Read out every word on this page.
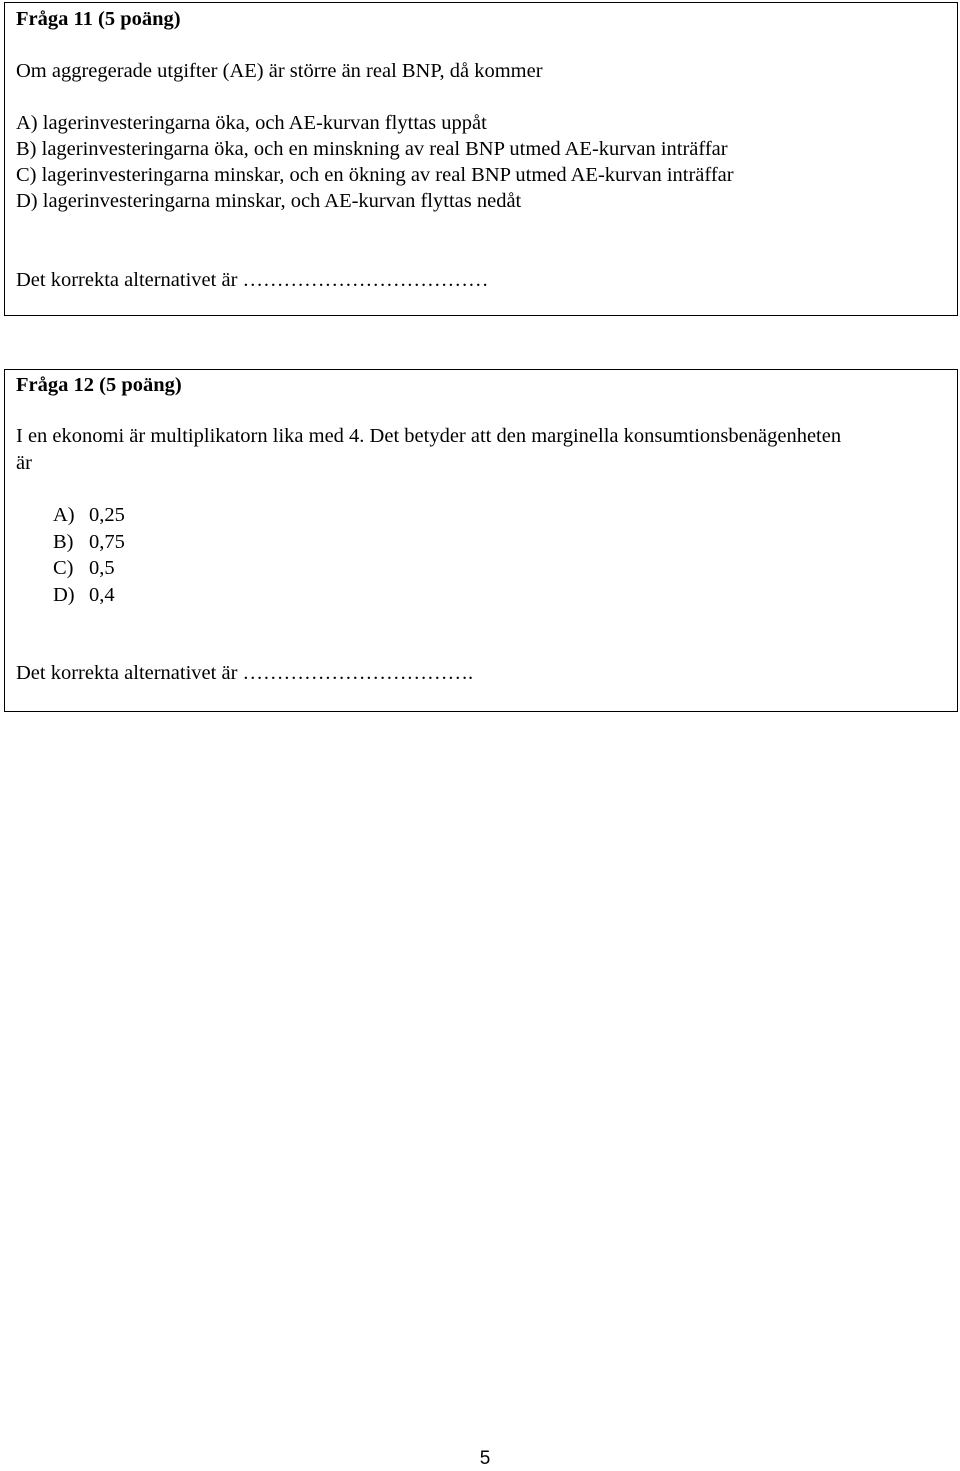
Fråga 11 (5 poäng)
Om aggregerade utgifter (AE) är större än real BNP, då kommer
A) lagerinvesteringarna öka, och AE-kurvan flyttas uppåt
B) lagerinvesteringarna öka, och en minskning av real BNP utmed AE-kurvan inträffar
C) lagerinvesteringarna minskar, och en ökning av real BNP utmed AE-kurvan inträffar
D) lagerinvesteringarna minskar, och AE-kurvan flyttas nedåt
Det korrekta alternativet är ………………………………
Fråga 12 (5 poäng)
I en ekonomi är multiplikatorn lika med 4. Det betyder att den marginella konsumtionsbenägenheten
är
A) 0,25
B) 0,75
C) 0,5
D) 0,4
Det korrekta alternativet är …………………………….
5
